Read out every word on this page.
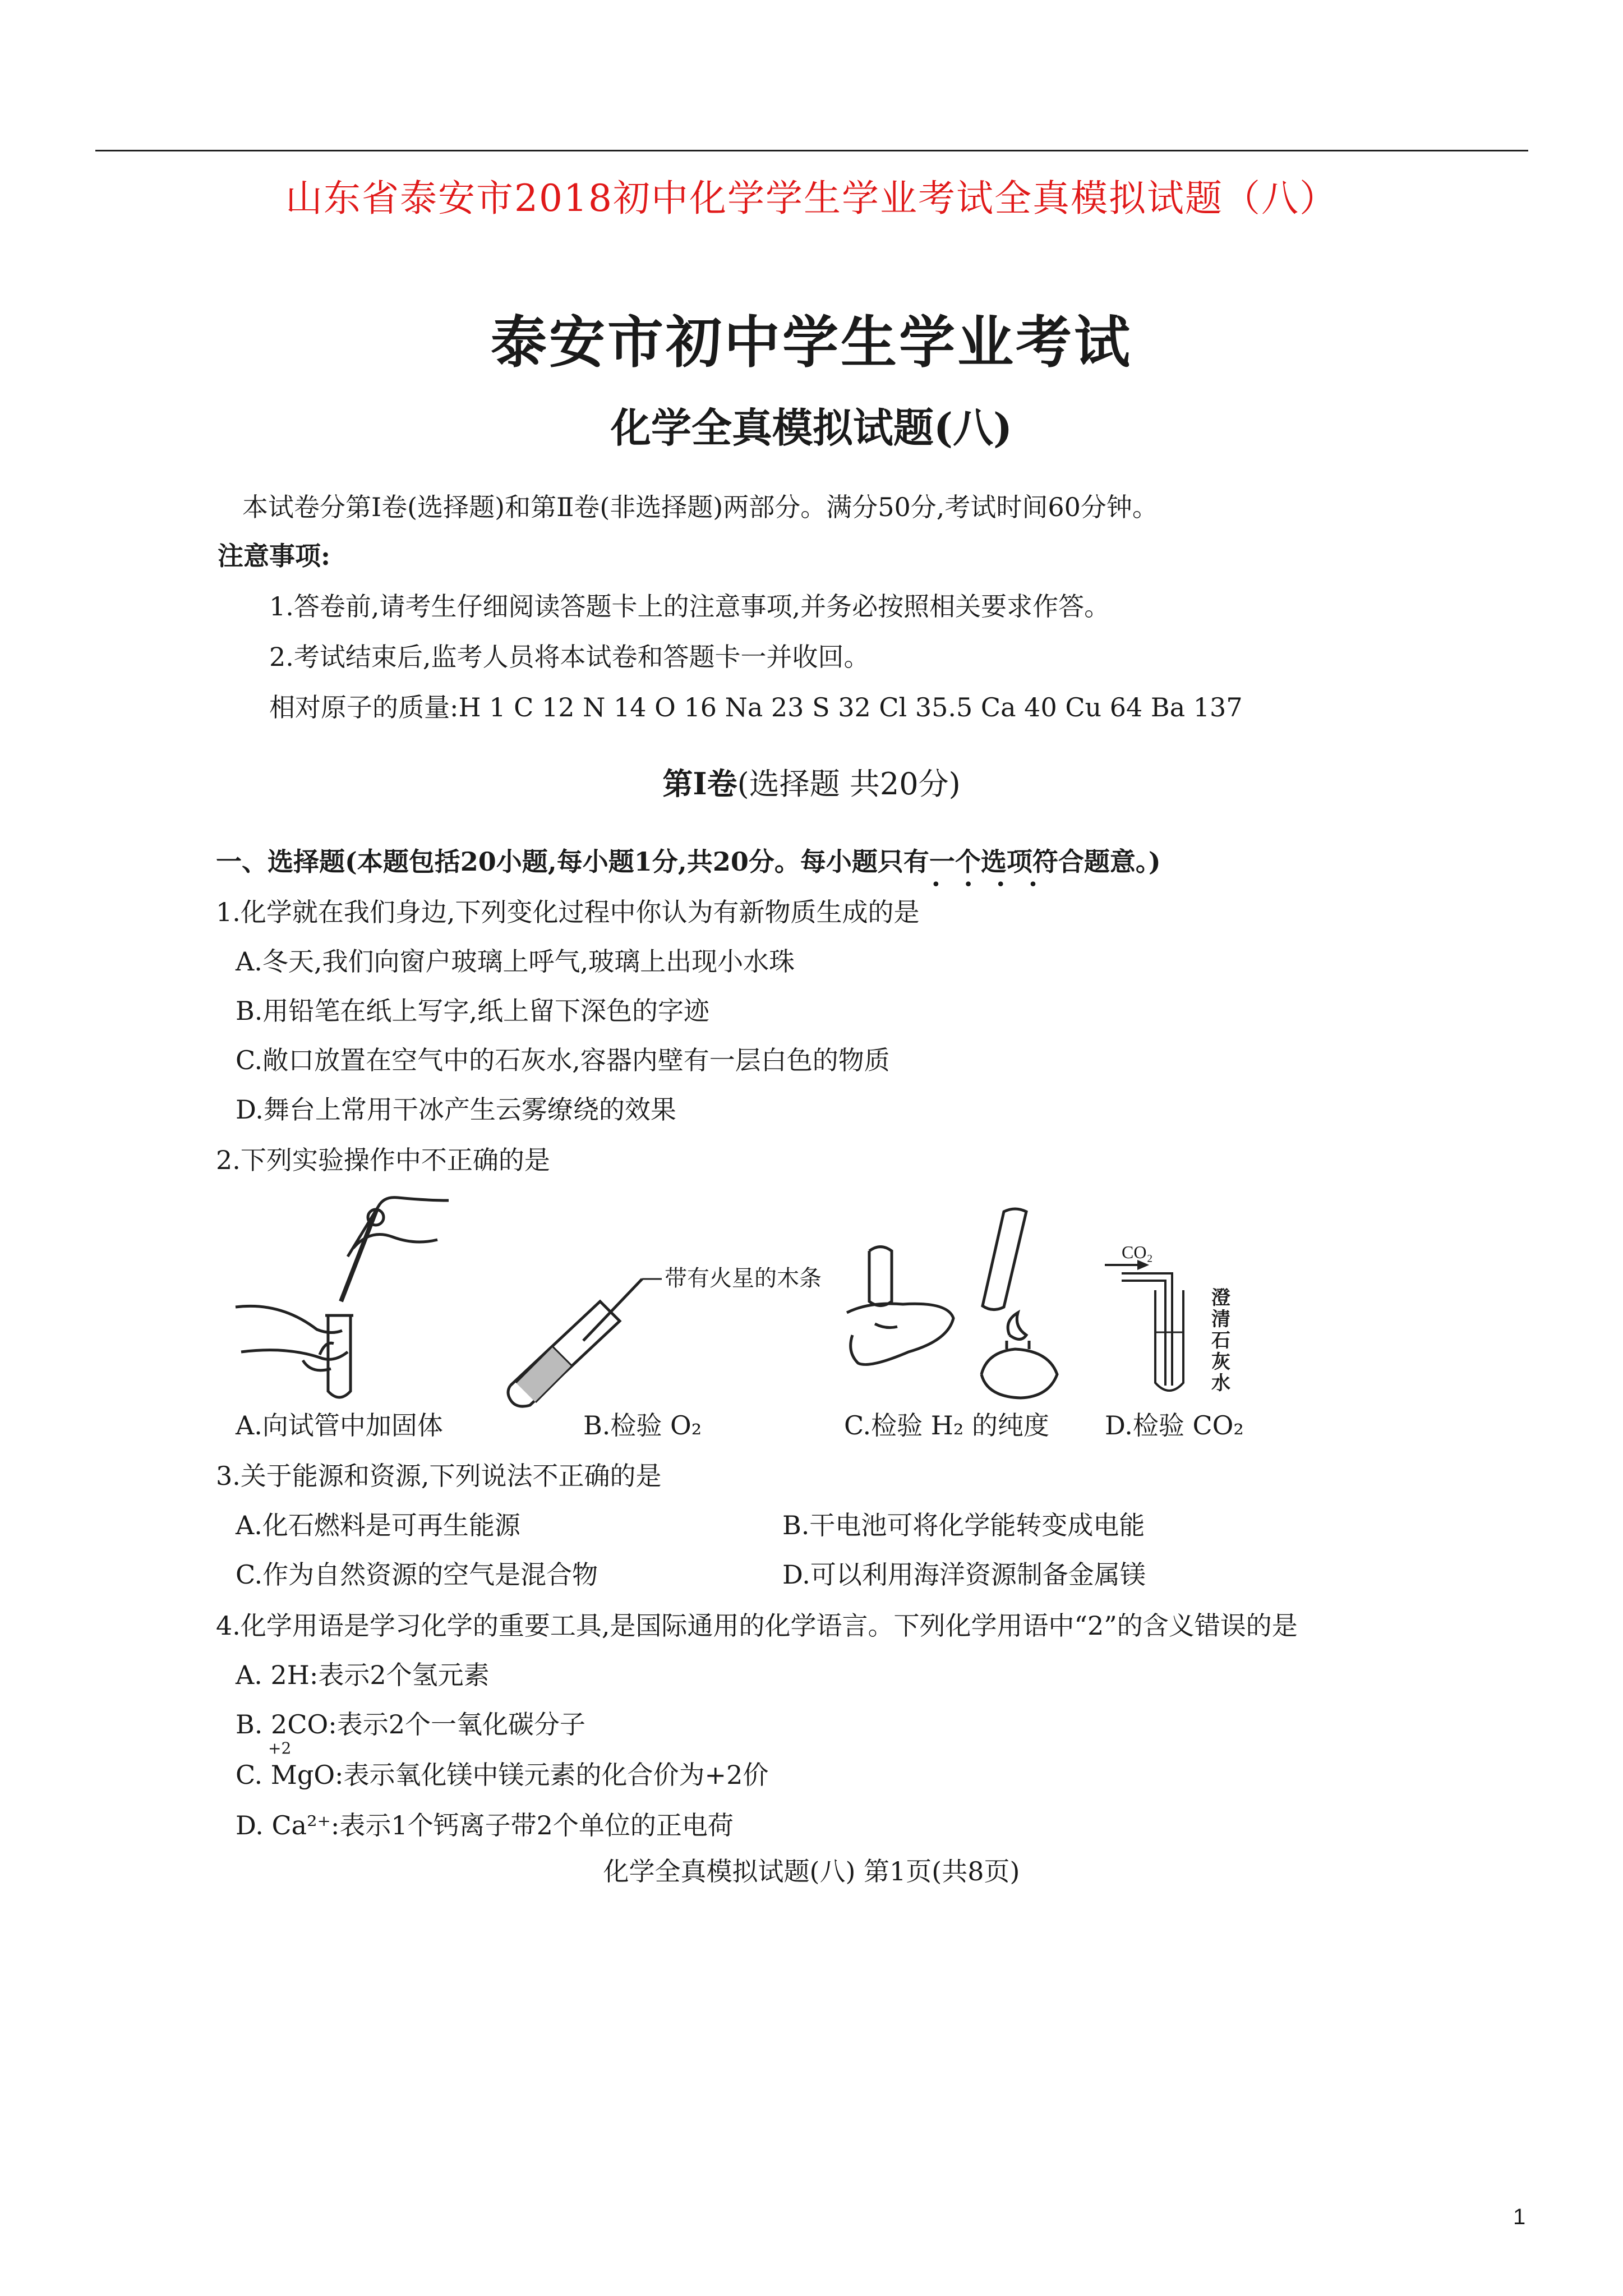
山东省泰安市2018初中化学学生学业考试全真模拟试题（八）
泰安市初中学生学业考试
化学全真模拟试题(八)
本试卷分第Ⅰ卷(选择题)和第Ⅱ卷(非选择题)两部分。满分50分,考试时间60分钟。
注意事项:
1.答卷前,请考生仔细阅读答题卡上的注意事项,并务必按照相关要求作答。
2.考试结束后,监考人员将本试卷和答题卡一并收回。
相对原子的质量:H 1 C 12 N 14 O 16 Na 23 S 32 Cl 35.5 Ca 40 Cu 64 Ba 137
第Ⅰ卷(选择题 共20分)
一、选择题(本题包括20小题,每小题1分,共20分。每小题只有一个选项符合题意。)
••••
1.化学就在我们身边,下列变化过程中你认为有新物质生成的是
A.冬天,我们向窗户玻璃上呼气,玻璃上出现小水珠
B.用铅笔在纸上写字,纸上留下深色的字迹
C.敞口放置在空气中的石灰水,容器内壁有一层白色的物质
D.舞台上常用干冰产生云雾缭绕的效果
2.下列实验操作中不正确的是
带有火星的木条
CO₂
澄
清
石
灰
水
A.向试管中加固体	B.检验 O₂	C.检验 H₂ 的纯度 D.检验 CO₂
3.关于能源和资源,下列说法不正确的是
A.化石燃料是可再生能源	B.干电池可将化学能转变成电能
C.作为自然资源的空气是混合物	D.可以利用海洋资源制备金属镁
4.化学用语是学习化学的重要工具,是国际通用的化学语言。下列化学用语中“2”的含义错误的是
A. 2H:表示2个氢元素
B. 2CO:表示2个一氧化碳分子
+2
C. MgO:表示氧化镁中镁元素的化合价为+2价
D. Ca²⁺:表示1个钙离子带2个单位的正电荷
化学全真模拟试题(八) 第1页(共8页)
1
